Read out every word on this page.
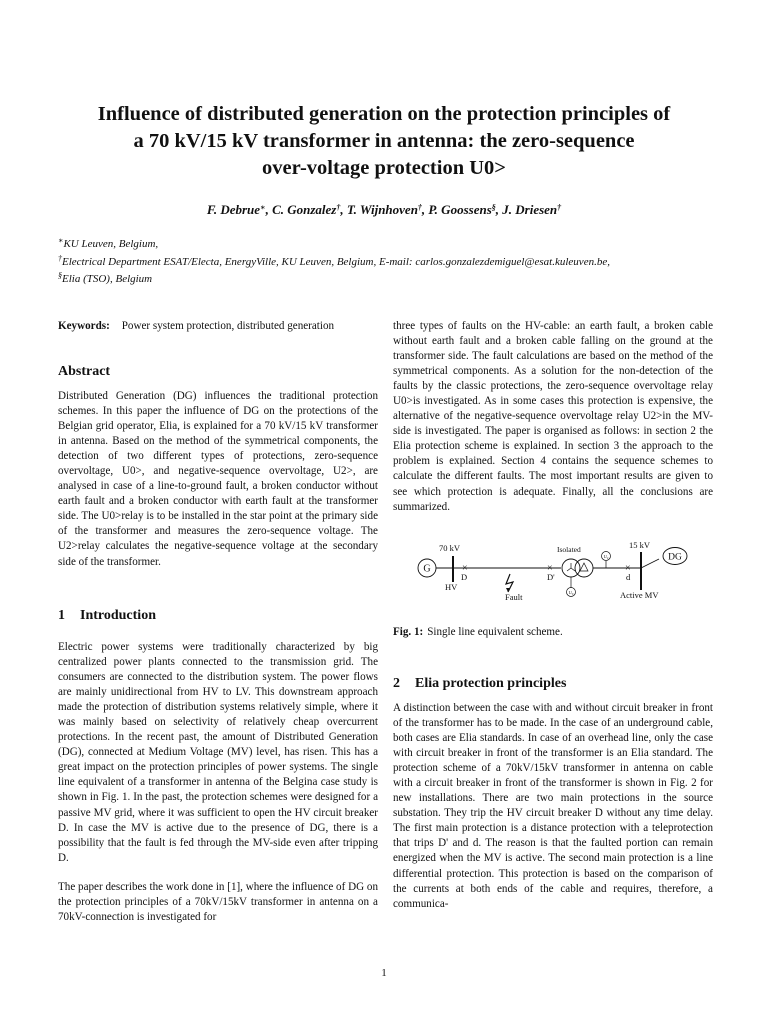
Influence of distributed generation on the protection principles of
a 70 kV/15 kV transformer in antenna: the zero-sequence
over-voltage protection U0>
F. Debrue∗, C. Gonzalez†, T. Wijnhoven†, P. Goossens§, J. Driesen†
∗KU Leuven, Belgium,
†Electrical Department ESAT/Electa, EnergyVille, KU Leuven, Belgium, E-mail: carlos.gonzalezdemiguel@esat.kuleuven.be,
§Elia (TSO), Belgium

Keywords: Power system protection, distributed generation

Abstract

Distributed Generation (DG) influences the traditional protection schemes. In this paper the influence of DG on the protections of the Belgian grid operator, Elia, is explained for a 70 kV/15 kV transformer in antenna. Based on the method of the symmetrical components, the detection of two different types of protections, zero-sequence overvoltage, U0>, and negative-sequence overvoltage, U2>, are analysed in case of a line-to-ground fault, a broken conductor without earth fault and a broken conductor with earth fault at the transformer side. The U0>relay is to be installed in the star point at the primary side of the transformer and measures the zero-sequence voltage. The U2>relay calculates the negative-sequence voltage at the secondary side of the transformer.

1 Introduction

Electric power systems were traditionally characterized by big centralized power plants connected to the transmission grid. The consumers are connected to the distribution system. The power flows are mainly unidirectional from HV to LV. This downstream approach made the protection of distribution systems relatively simple, where it was mainly based on selectivity of relatively cheap overcurrent protections. In the recent past, the amount of Distributed Generation (DG), connected at Medium Voltage (MV) level, has risen. This has a great impact on the protection principles of power systems. The single line equivalent of a transformer in antenna of the Belgina case study is shown in Fig. 1. In the past, the protection schemes were designed for a passive MV grid, where it was sufficient to open the HV circuit breaker D. In case the MV is active due to the presence of DG, there is a possibility that the fault is fed through the MV-side even after tripping D.

The paper describes the work done in [1], where the influence of DG on the protection principles of a 70kV/15kV transformer in antenna on a 70kV-connection is investigated for

three types of faults on the HV-cable: an earth fault, a broken cable without earth fault and a broken cable falling on the ground at the transformer side. The fault calculations are based on the method of the symmetrical components. As a solution for the non-detection of the faults by the classic protections, the zero-sequence overvoltage relay U0>is investigated. As in some cases this protection is expensive, the alternative of the negative-sequence overvoltage relay U2>in the MV-side is investigated. The paper is organised as follows: in section 2 the Elia protection scheme is explained. In section 3 the approach to the problem is explained. Section 4 contains the sequence schemes to calculate the different faults. The most important results are given to see which protection is adequate. Finally, all the conclusions are summarized.

G
70 kV
×
D
HV
Fault
×
D'
Isolated
U₀
U₂
×
d
15 kV
DG
Active MV
Fig. 1: Single line equivalent scheme.
2 Elia protection principles

A distinction between the case with and without circuit breaker in front of the transformer has to be made. In the case of an underground cable, both cases are Elia standards. In case of an overhead line, only the case with circuit breaker in front of the transformer is an Elia standard. The protection scheme of a 70kV/15kV transformer in antenna on cable with a circuit breaker in front of the transformer is shown in Fig. 2 for new installations. There are two main protections in the source substation. They trip the HV circuit breaker D without any time delay. The first main protection is a distance protection with a teleprotection that trips D' and d. The reason is that the faulted portion can remain energized when the MV is active. The second main protection is a line differential protection. This protection is based on the comparison of the currents at both ends of the cable and requires, therefore, a communica-

1
